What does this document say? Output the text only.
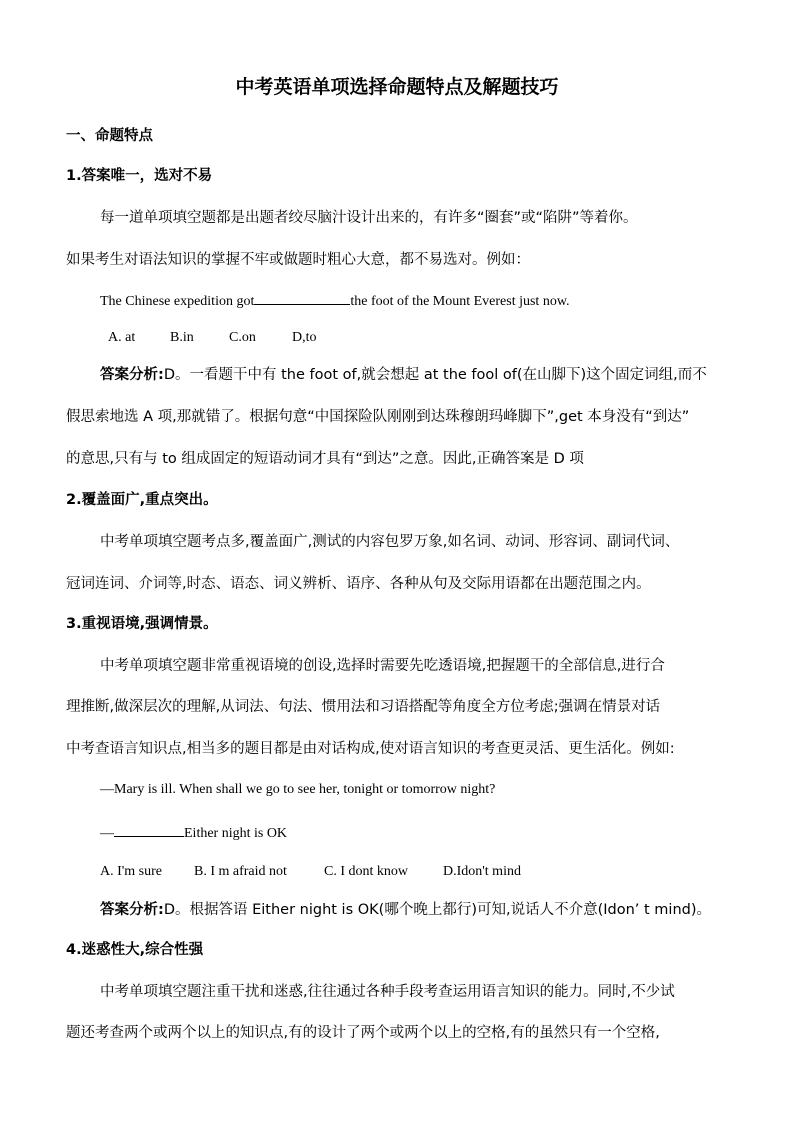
中考英语单项选择命题特点及解题技巧
一、命题特点
1.答案唯一，选对不易
每一道单项填空题都是出题者绞尽脑汁设计出来的，有许多“圈套”或“陷阱”等着你。
如果考生对语法知识的掌握不牢或做题时粗心大意，都不易选对。例如：
The Chinese expedition got	the foot of the Mount Everest just now.
A. at B.in	C.on	D,to
答案分析:D。一看题干中有 the foot of,就会想起 at the fool of(在山脚下)这个固定词组,而不
假思索地选 A 项,那就错了。根据句意“中国探险队刚刚到达珠穆朗玛峰脚下”,get 本身没有“到达”
的意思,只有与 to 组成固定的短语动词才具有“到达”之意。因此,正确答案是 D 项
2.覆盖面广,重点突出。
中考单项填空题考点多,覆盖面广,测试的内容包罗万象,如名词、动词、形容词、副词代词、
冠词连词、介词等,时态、语态、词义辨析、语序、各种从句及交际用语都在出题范围之内。
3.重视语境,强调情景。
中考单项填空题非常重视语境的创设,选择时需要先吃透语境,把握题干的全部信息,进行合
理推断,做深层次的理解,从词法、句法、惯用法和习语搭配等角度全方位考虑;强调在情景对话
中考查语言知识点,相当多的题目都是由对话构成,使对语言知识的考查更灵活、更生活化。例如:
—Mary is ill. When shall we go to see her, tonight or tomorrow night?
—	Either night is OK
A. I'm sure B. I m afraid not	C. I dont know	D.Idon't mind
答案分析:D。根据答语 Either night is OK(哪个晚上都行)可知,说话人不介意(Idon’ t mind)。
4.迷惑性大,综合性强
中考单项填空题注重干扰和迷惑,往往通过各种手段考查运用语言知识的能力。同时,不少试
题还考查两个或两个以上的知识点,有的设计了两个或两个以上的空格,有的虽然只有一个空格,
